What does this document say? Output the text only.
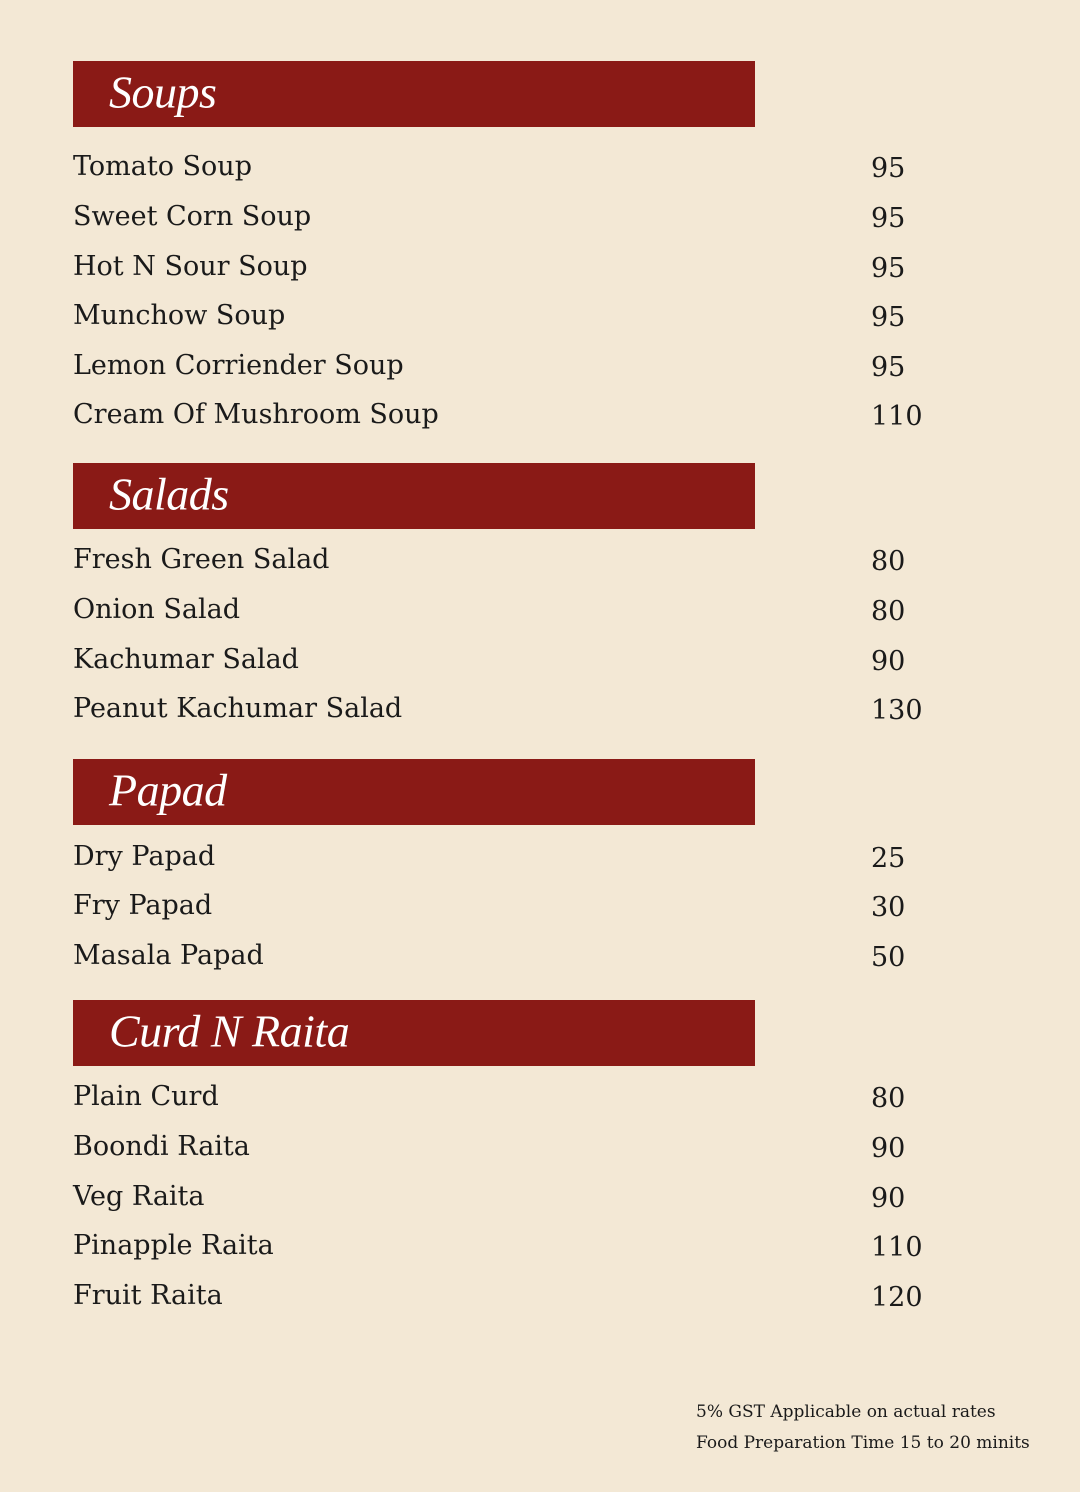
Soups
Tomato Soup	95
Sweet Corn Soup	95
Hot N Sour Soup	95
Munchow Soup	95
Lemon Corriender Soup	95
Cream Of Mushroom Soup	110
Salads
Fresh Green Salad	80
Onion Salad	80
Kachumar Salad	90
Peanut Kachumar Salad	130
Papad
Dry Papad	25
Fry Papad	30
Masala Papad	50
Curd N Raita
Plain Curd	80
Boondi Raita	90
Veg Raita	90
Pinapple Raita	110
Fruit Raita	120
5% GST Applicable on actual rates
Food Preparation Time 15 to 20 minits
